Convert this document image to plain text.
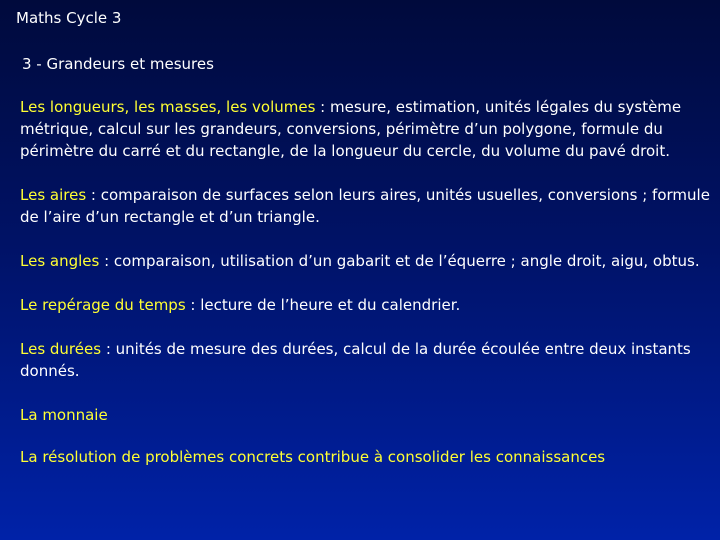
Maths Cycle 3
3 - Grandeurs et mesures

Les longueurs, les masses, les volumes : mesure, estimation, unités légales du système métrique, calcul sur les grandeurs, conversions, périmètre d’un polygone, formule du périmètre du carré et du rectangle, de la longueur du cercle, du volume du pavé droit.

Les aires : comparaison de surfaces selon leurs aires, unités usuelles, conversions ; formule de l’aire d’un rectangle et d’un triangle.

Les angles : comparaison, utilisation d’un gabarit et de l’équerre ; angle droit, aigu, obtus.

Le repérage du temps : lecture de l’heure et du calendrier.

Les durées : unités de mesure des durées, calcul de la durée écoulée entre deux instants donnés.

La monnaie

La résolution de problèmes concrets contribue à consolider les connaissances
